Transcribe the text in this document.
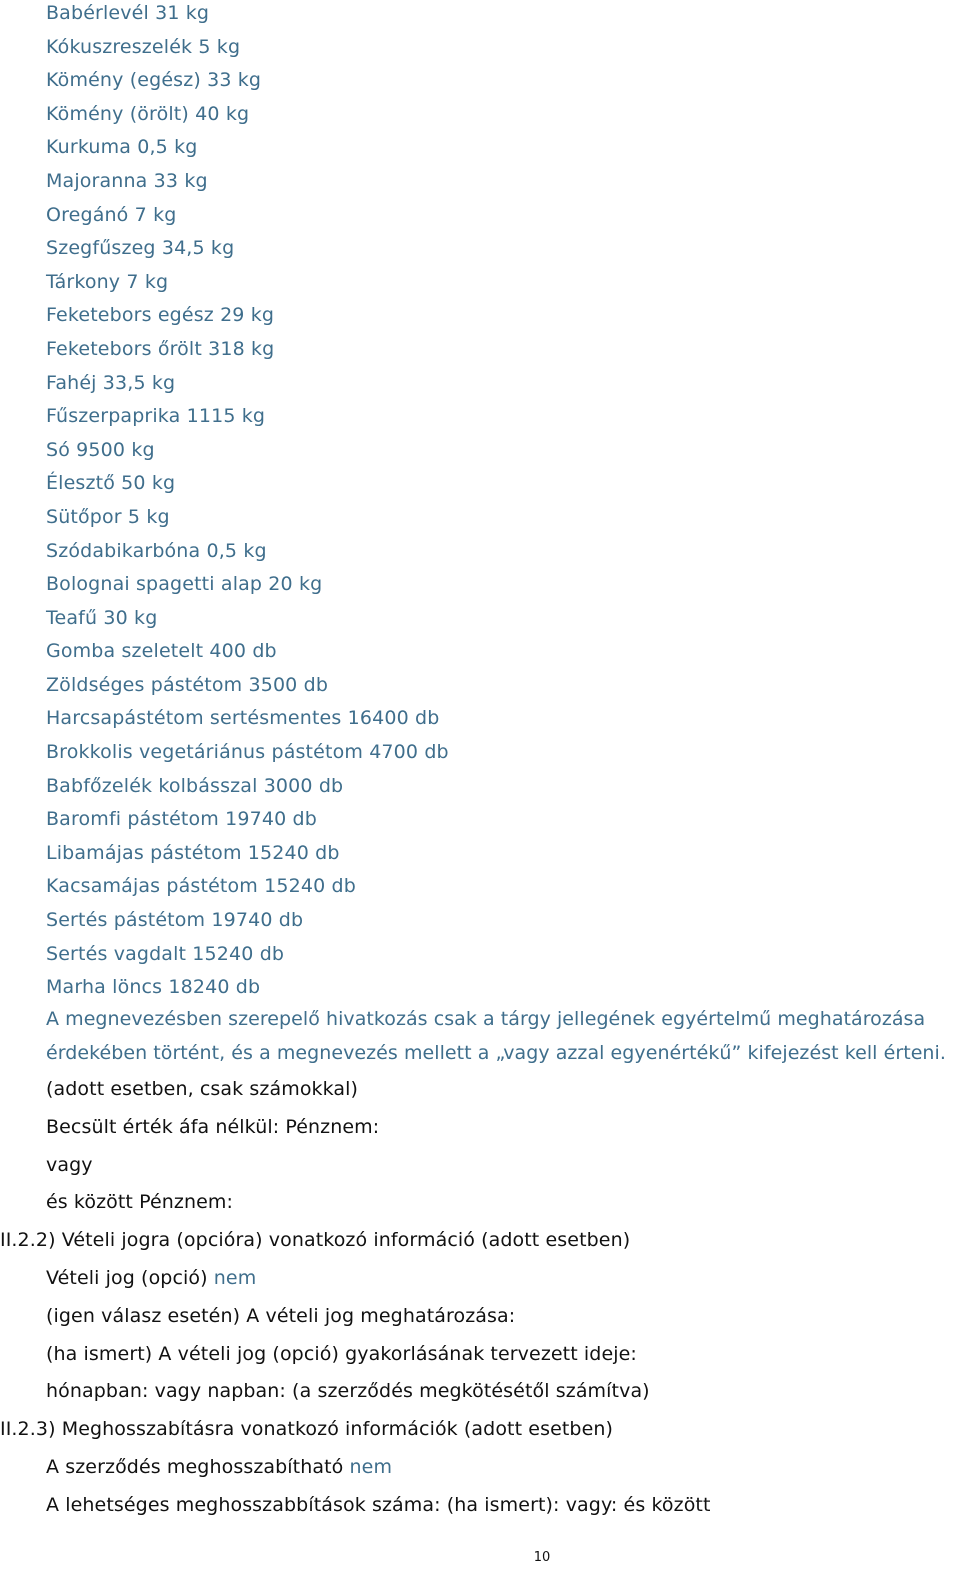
Babérlevél 31 kg
Kókuszreszelék 5 kg
Kömény (egész) 33 kg
Kömény (örölt) 40 kg
Kurkuma 0,5 kg
Majoranna 33 kg
Oregánó 7 kg
Szegfűszeg 34,5 kg
Tárkony 7 kg
Feketebors egész 29 kg
Feketebors őrölt 318 kg
Fahéj 33,5 kg
Fűszerpaprika 1115 kg
Só 9500 kg
Élesztő 50 kg
Sütőpor 5 kg
Szódabikarbóna 0,5 kg
Bolognai spagetti alap 20 kg
Teafű 30 kg
Gomba szeletelt 400 db
Zöldséges pástétom 3500 db
Harcsapástétom sertésmentes 16400 db
Brokkolis vegetáriánus pástétom 4700 db
Babfőzelék kolbásszal 3000 db
Baromfi pástétom 19740 db
Libamájas pástétom 15240 db
Kacsamájas pástétom 15240 db
Sertés pástétom 19740 db
Sertés vagdalt 15240 db
Marha löncs 18240 db
A megnevezésben szerepelő hivatkozás csak a tárgy jellegének egyértelmű meghatározása érdekében történt, és a megnevezés mellett a „vagy azzal egyenértékű” kifejezést kell érteni.
(adott esetben, csak számokkal)
Becsült érték áfa nélkül: Pénznem:
vagy
és között Pénznem:
II.2.2) Vételi jogra (opcióra) vonatkozó információ (adott esetben)
Vételi jog (opció) nem
(igen válasz esetén) A vételi jog meghatározása:
(ha ismert) A vételi jog (opció) gyakorlásának tervezett ideje:
hónapban: vagy napban: (a szerződés megkötésétől számítva)
II.2.3) Meghosszabításra vonatkozó információk (adott esetben)
A szerződés meghosszabítható nem
A lehetséges meghosszabbítások száma: (ha ismert): vagy: és között
10
